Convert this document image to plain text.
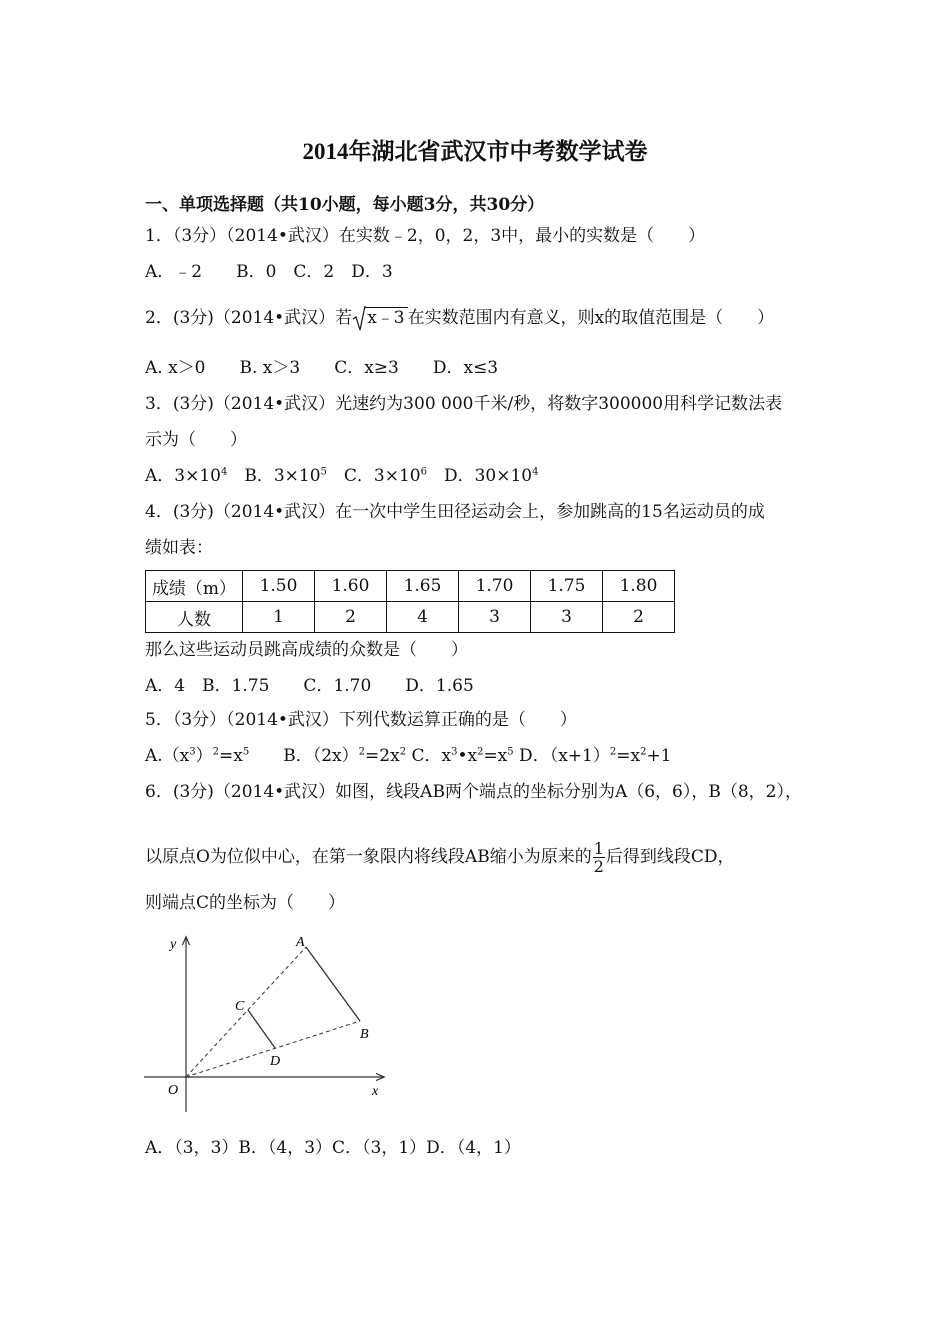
2014年湖北省武汉市中考数学试卷
一、单项选择题（共10小题，每小题3分，共30分）
1．（3分）（2014•武汉）在实数﹣2，0，2，3中，最小的实数是（　　）
A．﹣2　　B．0　C．2　D．3
2．(3分)（2014•武汉）若 x﹣3 在实数范围内有意义，则x的取值范围是（　　）
A. x＞0　　B. x＞3　　C．x≥3　　D．x≤3
3．(3分)（2014•武汉）光速约为300 000千米/秒，将数字300000用科学记数法表
示为（　　）
A．$3\times 10^4$　B．$3\times 10^5$　C．$3\times 10^6$　D．$30\times 10^4$
4．(3分)（2014•武汉）在一次中学生田径运动会上，参加跳高的15名运动员的成
绩如表：
成绩（m）	1.50	1.60	1.65	1.70	1.75	1.80
人数	1	2	4	3	3	2
那么这些运动员跳高成绩的众数是（　　）
A．4　B．1.75　　C．1.70　　D．1.65
5．（3分）（2014•武汉）下列代数运算正确的是（　　）
$A.(x^3)^2=x^5$　　B．$(2x)^2=2x^2$ C．$x^3•x^2=x^5$ D．$(x+1)^2=x^2+1$
6．(3分)（2014•武汉）如图，线段AB两个端点的坐标分别为A（6，6），B（8，2），
以原点O为位似中心，在第一象限内将线段AB缩小为原来的 $\frac{1}{2}$ 后得到线段CD，
则端点C的坐标为（　　）
y
x
O
A
B
C
D
A．（3，3）B．（4，3）C．（3，1）D．（4，1）
